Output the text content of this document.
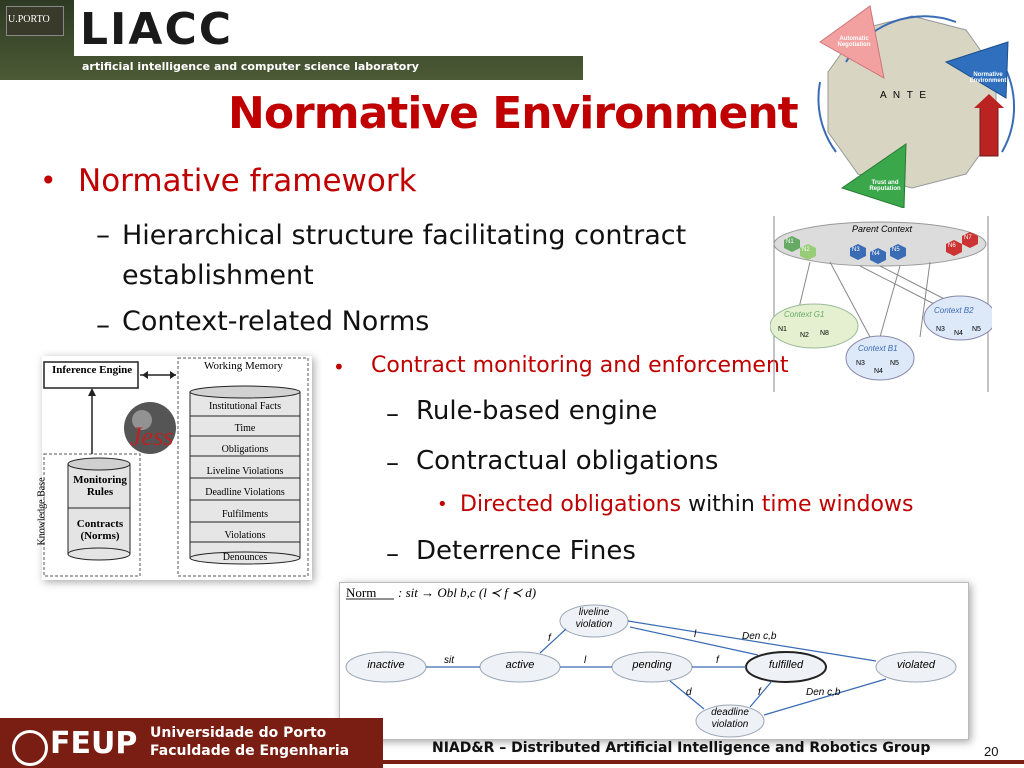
U.PORTO LIACC
artificial intelligence and computer science laboratory
Normative Environment
• Normative framework
– Hierarchical structure facilitating contract establishment
– Context-related Norms
Inference Engine	Working Memory
Knowledge Base Monitoring Rules
Contracts (Norms)
Jess
Institutional Facts
Time
Obligations
Liveline Violations
Deadline Violations
Fulfilments
Violations
Denounces
• Contract monitoring and enforcement
– Rule-based engine
– Contractual obligations
• Directed obligations within time windows
– Deterrence Fines
A N T E
Automatic Negotiation
Normative Environment
Trust and Reputation
Parent Context
Context G1	Context B2
Context B1
N1
N2	N3
N4
N5
N6
N7
N1
N2 N8
N3
N4
N5
N3
N4
N5
Norm : sit → Obl b,c (l ≺ f ≺ d)
inactive	active	pending	fulfilled	violated
liveline violation
deadline violation
sit	l	f
f	l	Den c,b
d	f	Den c,b
FEUP Universidade do Porto
Faculdade de Engenharia	NIAD&R – Distributed Artificial Intelligence and Robotics Group	20
